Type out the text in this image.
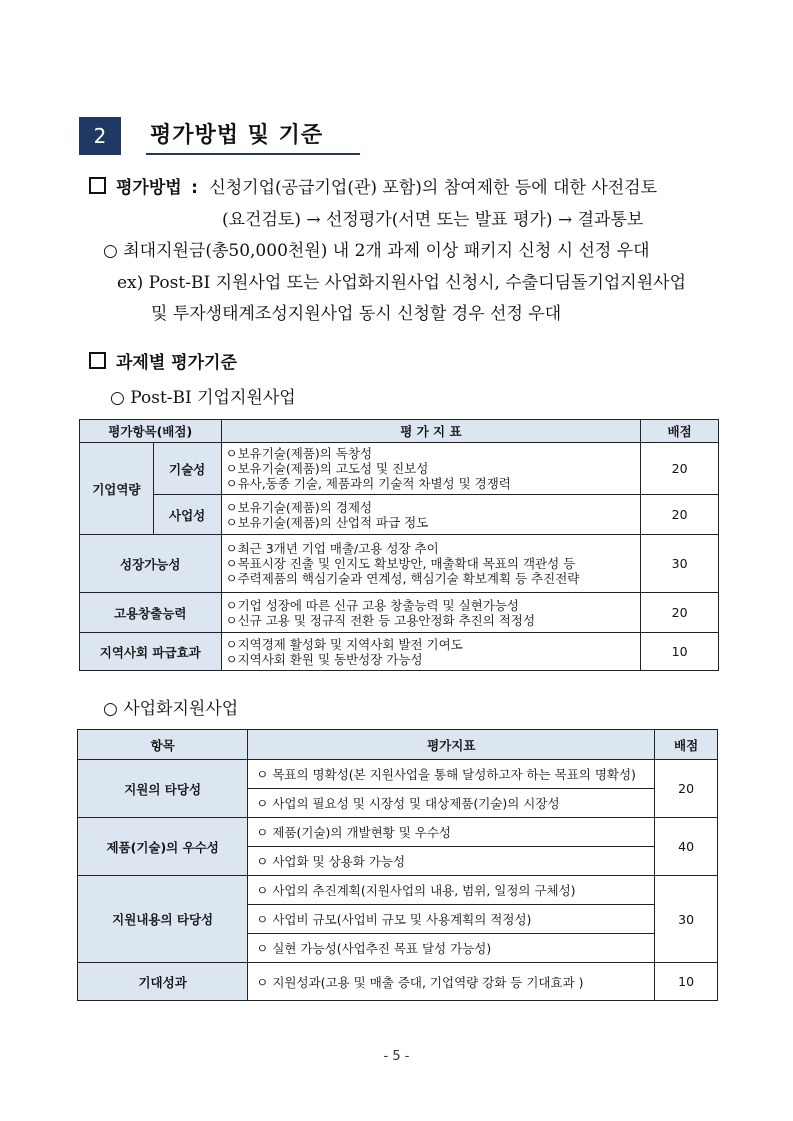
2	평가방법 및 기준
평가방법 : 신청기업(공급기업(관) 포함)의 참여제한 등에 대한 사전검토
(요건검토) → 선정평가(서면 또는 발표 평가) → 결과통보
○ 최대지원금(총50,000천원) 내 2개 과제 이상 패키지 신청 시 선정 우대
ex) Post-BI 지원사업 또는 사업화지원사업 신청시, 수출디딤돌기업지원사업
및 투자생태계조성지원사업 동시 신청할 경우 선정 우대
과제별 평가기준
○ Post-BI 기업지원사업
평가항목(배점)		평 가 지 표	배점
기업역량	기술성	ㅇ보유기술(제품)의 독창성
ㅇ보유기술(제품)의 고도성 및 진보성
ㅇ유사,동종 기술, 제품과의 기술적 차별성 및 경쟁력	20
	사업성	ㅇ보유기술(제품)의 경제성
ㅇ보유기술(제품)의 산업적 파급 정도	20
성장가능성		ㅇ최근 3개년 기업 매출/고용 성장 추이
ㅇ목표시장 진출 및 인지도 확보방안, 매출확대 목표의 객관성 등
ㅇ주력제품의 핵심기술과 연계성, 핵심기술 확보계획 등 추진전략	30
고용창출능력		ㅇ기업 성장에 따른 신규 고용 창출능력 및 실현가능성
ㅇ신규 고용 및 정규직 전환 등 고용안정화 추진의 적정성	20
지역사회 파급효과		ㅇ지역경제 활성화 및 지역사회 발전 기여도
ㅇ지역사회 환원 및 동반성장 가능성	10
○ 사업화지원사업
항목	평가지표	배점
지원의 타당성	ㅇ 목표의 명확성(본 지원사업을 통해 달성하고자 하는 목표의 명확성)	20
	ㅇ 사업의 필요성 및 시장성 및 대상제품(기술)의 시장성	
제품(기술)의 우수성	ㅇ 제품(기술)의 개발현황 및 우수성	40
	ㅇ 사업화 및 상용화 가능성	
지원내용의 타당성	ㅇ 사업의 추진계획(지원사업의 내용, 범위, 일정의 구체성)	30
	ㅇ 사업비 규모(사업비 규모 및 사용계획의 적정성)	
	ㅇ 실현 가능성(사업추진 목표 달성 가능성)	
기대성과	ㅇ 지원성과(고용 및 매출 증대, 기업역량 강화 등 기대효과 )	10
- 5 -
